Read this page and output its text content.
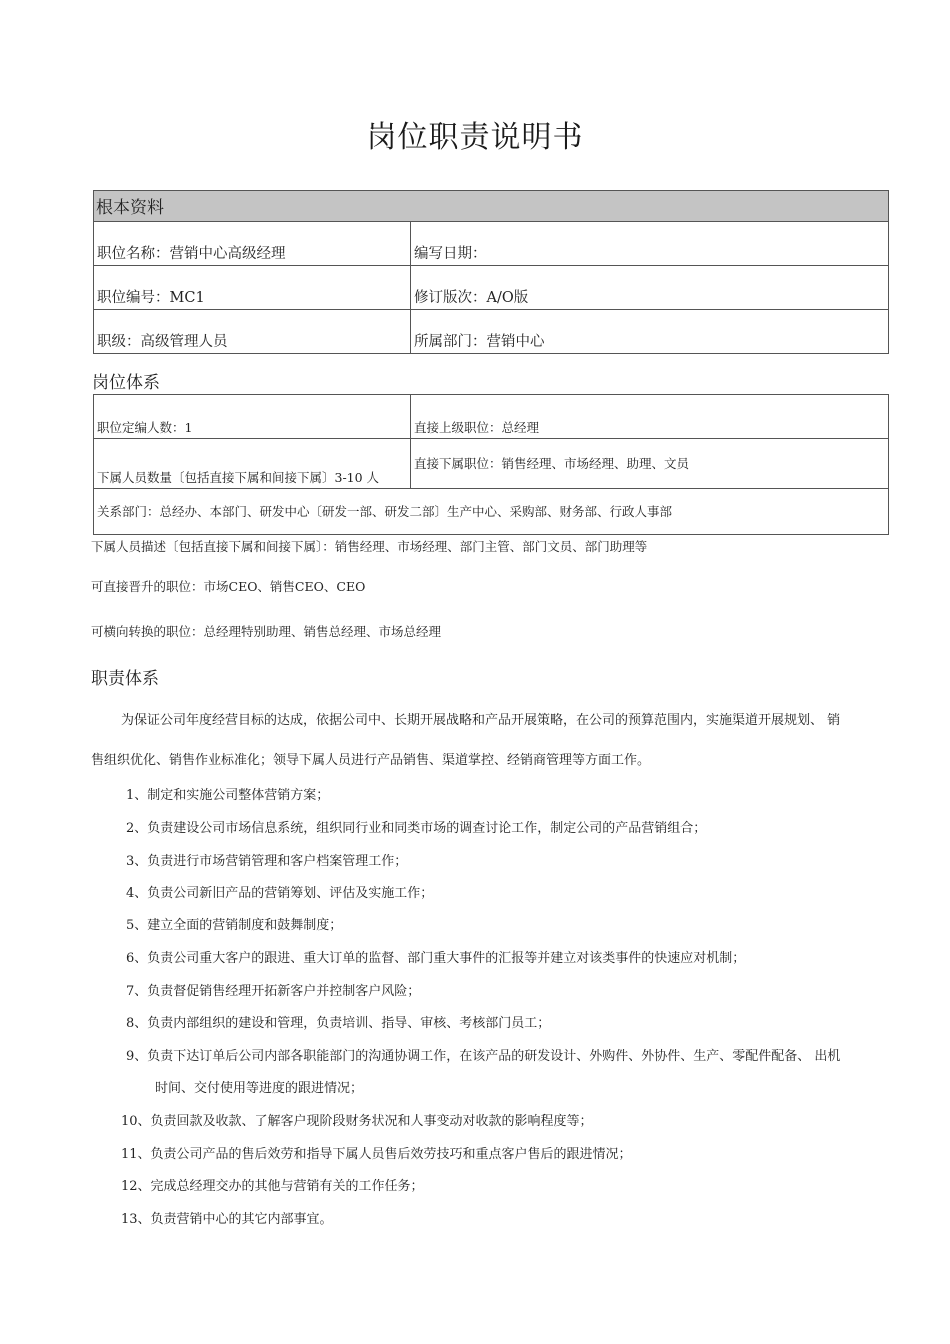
岗位职责说明书
根本资料	
职位名称：营销中心高级经理	编写日期：
职位编号：MC1	修订版次：A/O版
职级：高级管理人员	所属部门：营销中心
岗位体系
职位定编人数：1	直接上级职位：总经理
下属人员数量〔包括直接下属和间接下属〕3-10 人	直接下属职位：销售经理、市场经理、助理、文员
关系部门：总经办、本部门、研发中心〔研发一部、研发二部〕生产中心、采购部、财务部、行政人事部	
下属人员描述〔包括直接下属和间接下属〕：销售经理、市场经理、部门主管、部门文员、部门助理等
可直接晋升的职位：市场CEO、销售CEO、CEO
可横向转换的职位：总经理特别助理、销售总经理、市场总经理
职责体系
为保证公司年度经营目标的达成，依据公司中、长期开展战略和产品开展策略，在公司的预算范围内，实施渠道开展规划、 销
售组织优化、销售作业标准化；领导下属人员进行产品销售、渠道掌控、经销商管理等方面工作。
1、制定和实施公司整体营销方案；
2、负责建设公司市场信息系统，组织同行业和同类市场的调查讨论工作，制定公司的产品营销组合；
3、负责进行市场营销管理和客户档案管理工作；
4、负责公司新旧产品的营销筹划、评估及实施工作；
5、建立全面的营销制度和鼓舞制度；
6、负责公司重大客户的跟进、重大订单的监督、部门重大事件的汇报等并建立对该类事件的快速应对机制；
7、负责督促销售经理开拓新客户并控制客户风险；
8、负责内部组织的建设和管理，负责培训、指导、审核、考核部门员工；
9、负责下达订单后公司内部各职能部门的沟通协调工作，在该产品的研发设计、外购件、外协件、生产、零配件配备、 出机
时间、交付使用等进度的跟进情况；
10、负责回款及收款、了解客户现阶段财务状况和人事变动对收款的影响程度等；
11、负责公司产品的售后效劳和指导下属人员售后效劳技巧和重点客户售后的跟进情况；
12、完成总经理交办的其他与营销有关的工作任务；
13、负责营销中心的其它内部事宜。
